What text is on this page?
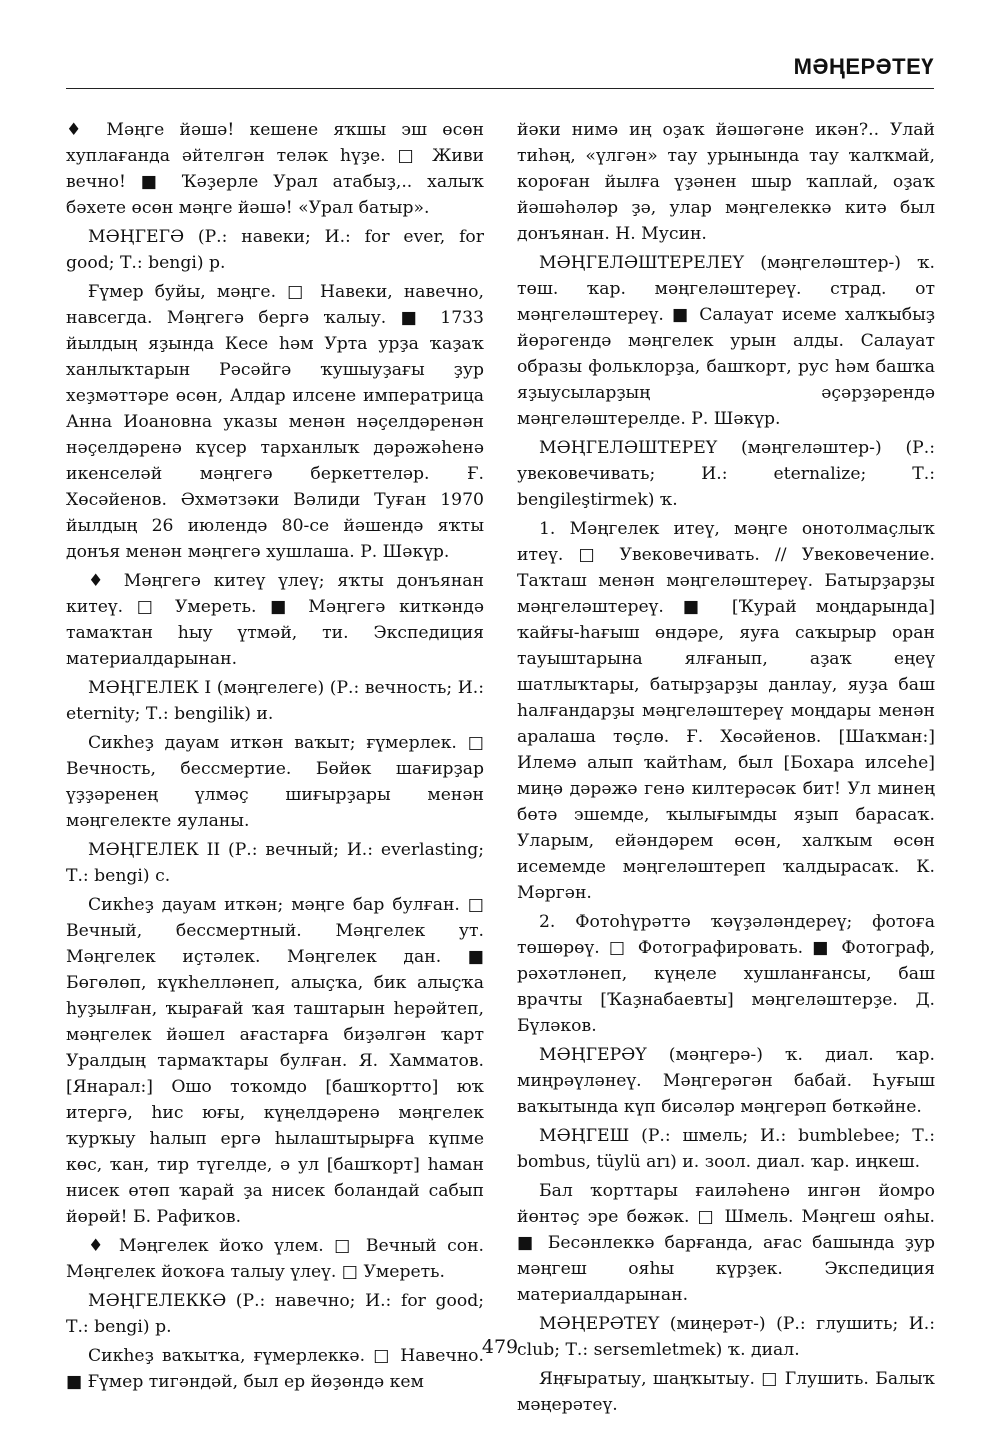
МӘҢЕРӘТЕҮ

♦ Мәңге йәшә! кешене яҡшы эш өсөн хуплағанда әйтелгән теләк һүҙе. □ Живи вечно! ■ Ҡәҙерле Урал атабыҙ,.. халыҡ бәхете өсөн мәңге йәшә! «Урал батыр».

МӘҢГЕГӘ (Р.: навеки; И.: for ever, for good; Т.: bengi) р.

Ғүмер буйы, мәңге. □ Навеки, навечно, навсегда. Мәңгегә бергә ҡалыу. ■ 1733 йылдың яҙында Кесе һәм Урта урҙа ҡаҙаҡ ханлыҡтарын Рәсәйгә ҡушыуҙағы ҙур хеҙмәттәре өсөн, Алдар илсене императрица Анна Иоановна указы менән нәҫелдәренән нәҫелдәренә күсер тарханлыҡ дәрәжәһенә икенселәй мәңгегә беркеттеләр. Ғ. Хөсәйенов. Әхмәтзәки Вәлиди Туған 1970 йылдың 26 июлендә 80-се йәшендә яҡты донъя менән мәңгегә хушлаша. Р. Шәкүр.

♦ Мәңгегә китеү үлеү; яҡты донъянан китеү. □ Умереть. ■ Мәңгегә киткәндә тамаҡтан һыу үтмәй, ти. Экспедиция материалдарынан.

МӘҢГЕЛЕК I (мәңгелеге) (Р.: вечность; И.: eternity; Т.: bengilik) и.

Сикһеҙ дауам иткән ваҡыт; ғүмерлек. □ Вечность, бессмертие. Бөйөк шағирҙар үҙҙәренең үлмәҫ шиғырҙары менән мәңгелекте яуланы.

МӘҢГЕЛЕК II (Р.: вечный; И.: everlasting; Т.: bengi) с.

Сикһеҙ дауам иткән; мәңге бар булған. □ Вечный, бессмертный. Мәңгелек ут. Мәңгелек иҫтәлек. Мәңгелек дан. ■ Бөгөлөп, күкһелләнеп, алыҫҡа, бик алыҫҡа һуҙылған, ҡырағай ҡая таштарын һерәйтеп, мәңгелек йәшел ағастарға биҙәлгән ҡарт Уралдың тармаҡтары булған. Я. Хамматов. [Янарал:] Ошо тоҡомдо [башҡортто] юҡ итергә, һис юғы, күңелдәренә мәңгелек ҡурҡыу һалып ергә һылаштырырға күпме көс, ҡан, тир түгелде, ә ул [башҡорт] һаман нисек өтөп ҡарай ҙа нисек боландай сабып йөрөй! Б. Рафиҡов.

♦ Мәңгелек йоҡо үлем. □ Вечный сон. Мәңгелек йоҡоға талыу үлеү. □ Умереть.

МӘҢГЕЛЕККӘ (Р.: навечно; И.: for good; Т.: bengi) р.

Сикһеҙ ваҡытҡа, ғүмерлеккә. □ Навечно. ■ Ғүмер тигәндәй, был ер йөҙөндә кем

йәки нимә иң оҙаҡ йәшәгәне икән?.. Улай тиһәң, «үлгән» тау урынында тау ҡалҡмай, короған йылға үҙәнен шыр ҡаплай, оҙаҡ йәшәһәләр ҙә, улар мәңгелеккә китә был донъянан. Н. Мусин.

МӘҢГЕЛӘШТЕРЕЛЕҮ (мәңгеләштер-) ҡ. төш. ҡар. мәңгеләштереү. страд. от мәңгеләштереү. ■ Салауат исеме халҡыбыҙ йөрәгендә мәңгелек урын алды. Салауат образы фольклорҙа, башҡорт, рус һәм башҡа яҙыусыларҙың әҫәрҙәрендә мәңгеләштерелде. Р. Шәкүр.

МӘҢГЕЛӘШТЕРЕҮ (мәңгеләштер-) (Р.: увековечивать; И.: eternalize; Т.: bengileştirmek) ҡ.

1. Мәңгелек итеү, мәңге онотолмаҫлыҡ итеү. □ Увековечивать. // Увековечение. Таҡташ менән мәңгеләштереү. Батырҙарҙы мәңгеләштереү. ■ [Ҡурай моңдарында] ҡайғы-һағыш өндәре, яуға саҡырыр оран тауыштарына ялғанып, аҙаҡ еңеү шатлыҡтары, батырҙарҙы данлау, яуҙа баш һалғандарҙы мәңгеләштереү моңдары менән аралаша төҫлө. Ғ. Хөсәйенов. [Шаҡман:] Илемә алып ҡайтһам, был [Бохара илсеһе] миңә дәрәжә генә килтерәсәк бит! Ул минең бөтә эшемде, ҡылығымды яҙып барасаҡ. Уларым, ейәндәрем өсөн, халҡым өсөн исемемде мәңгеләштереп ҡалдырасаҡ. К. Мәргән.

2. Фотоһүрәттә ҡәүҙәләндереү; фотоға төшөрөү. □ Фотографировать. ■ Фотограф, рәхәтләнеп, күңеле хушланғансы, баш врачты [Ҡаҙнабаевты] мәңгеләштерҙе. Д. Бүләков.

МӘҢГЕРӘҮ (мәңгерә-) ҡ. диал. ҡар. миңрәүләнеү. Мәңгерәгән бабай. Һуғыш ваҡытында күп бисәләр мәңгерәп бөткәйне.

МӘҢГЕШ (Р.: шмель; И.: bumblebee; Т.: bombus, tüylü arı) и. зоол. диал. ҡар. иңкеш.

Бал ҡорттары ғаиләһенә ингән йомро йөнтәҫ эре бөжәк. □ Шмель. Мәңгеш ояһы. ■ Бесәнлеккә барғанда, ағас башында ҙур мәңгеш ояһы күрҙек. Экспедиция материалдарынан.

МӘҢЕРӘТЕҮ (миңерәт-) (Р.: глушить; И.: club; Т.: sersemletmek) ҡ. диал.

Яңғыратыу, шаңҡытыу. □ Глушить. Балыҡ мәңерәтеү.

479
